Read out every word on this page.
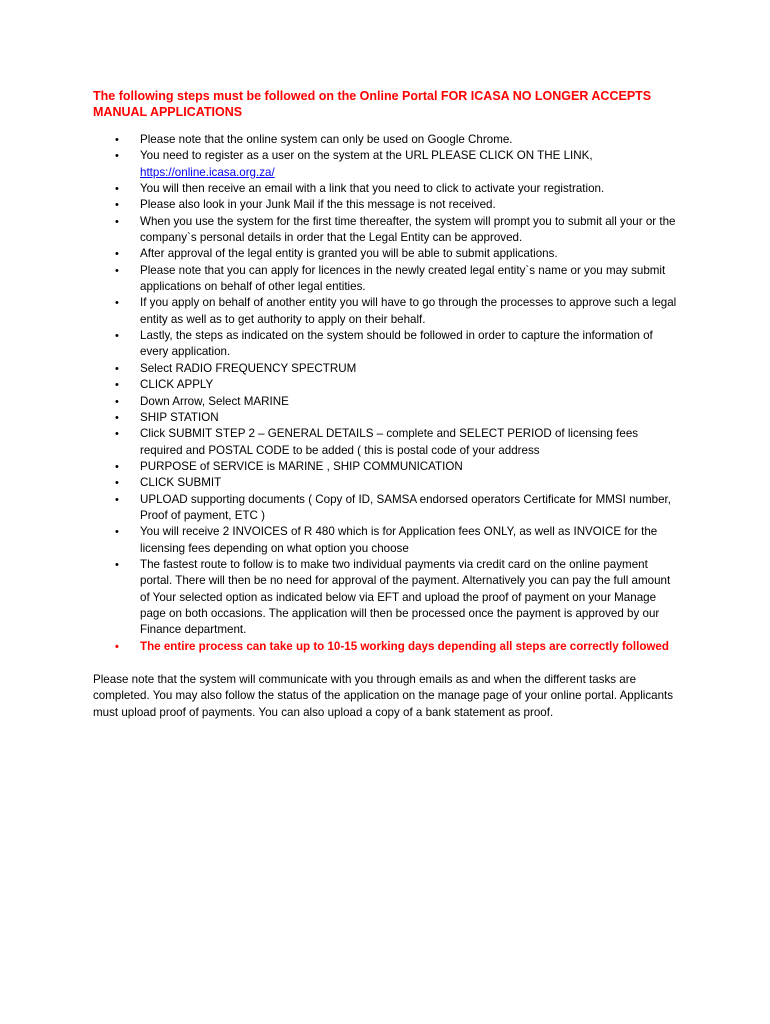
The following steps must be followed on the Online Portal FOR ICASA NO LONGER ACCEPTS MANUAL APPLICATIONS
• Please note that the online system can only be used on Google Chrome.
• You need to register as a user on the system at the URL PLEASE CLICK ON THE LINK,
https://online.icasa.org.za/
• You will then receive an email with a link that you need to click to activate your registration.
• Please also look in your Junk Mail if the this message is not received.
• When you use the system for the first time thereafter, the system will prompt you to submit all your or the company`s personal details in order that the Legal Entity can be approved.
• After approval of the legal entity is granted you will be able to submit applications.
• Please note that you can apply for licences in the newly created legal entity`s name or you may submit applications on behalf of other legal entities.
• If you apply on behalf of another entity you will have to go through the processes to approve such a legal entity as well as to get authority to apply on their behalf.
• Lastly, the steps as indicated on the system should be followed in order to capture the information of every application.
• Select RADIO FREQUENCY SPECTRUM
• CLICK APPLY
• Down Arrow, Select MARINE
• SHIP STATION
• Click SUBMIT STEP 2 – GENERAL DETAILS – complete and SELECT PERIOD of licensing fees required and POSTAL CODE to be added ( this is postal code of your address
• PURPOSE of SERVICE is MARINE , SHIP COMMUNICATION
• CLICK SUBMIT
• UPLOAD supporting documents ( Copy of ID, SAMSA endorsed operators Certificate for MMSI number, Proof of payment, ETC )
• You will receive 2 INVOICES of R 480 which is for Application fees ONLY, as well as INVOICE for the licensing fees depending on what option you choose
• The fastest route to follow is to make two individual payments via credit card on the online payment portal. There will then be no need for approval of the payment. Alternatively you can pay the full amount of Your selected option as indicated below via EFT and upload the proof of payment on your Manage page on both occasions. The application will then be processed once the payment is approved by our Finance department.
• The entire process can take up to 10-15 working days depending all steps are correctly followed

Please note that the system will communicate with you through emails as and when the different tasks are completed. You may also follow the status of the application on the manage page of your online portal. Applicants must upload proof of payments. You can also upload a copy of a bank statement as proof.
